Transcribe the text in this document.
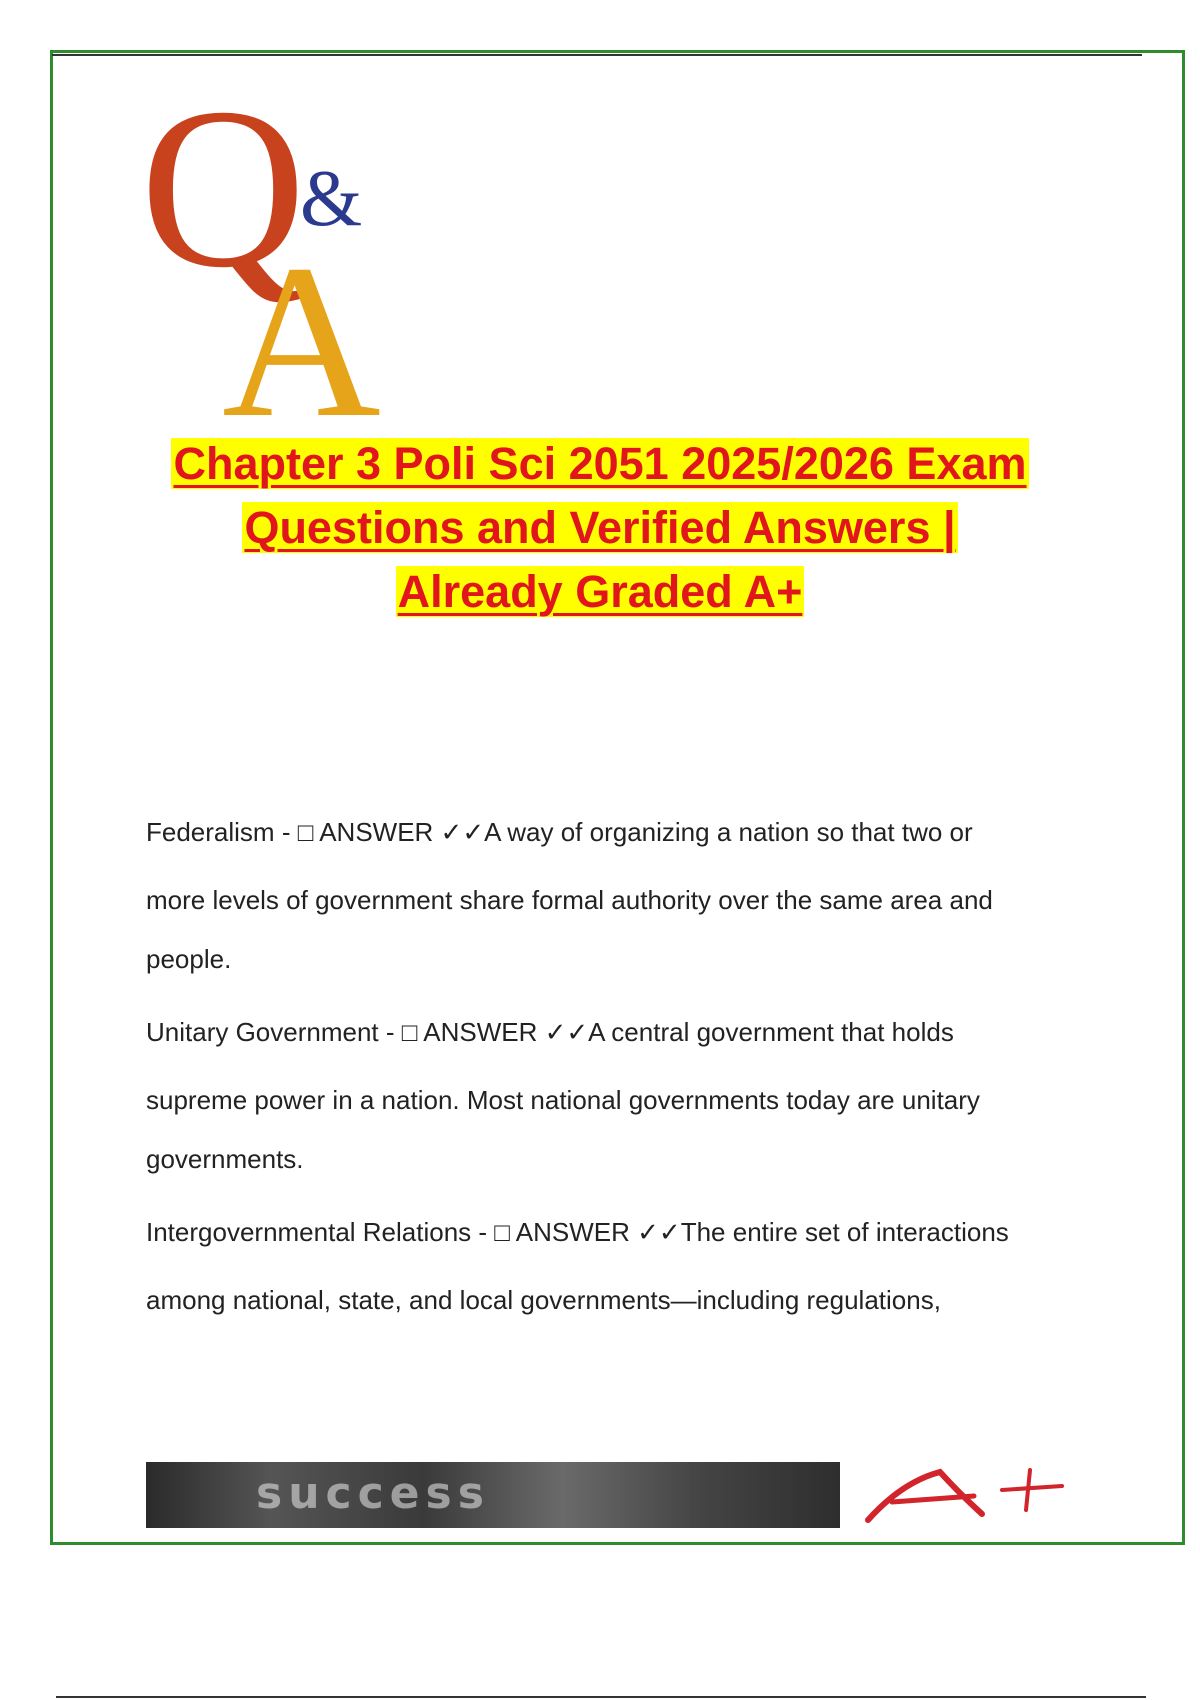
Q
&
A
Chapter 3 Poli Sci 2051 2025/2026 Exam
Questions and Verified Answers |
Already Graded A+
Federalism - □ ANSWER ✓✓A way of organizing a nation so that two or
more levels of government share formal authority over the same area and
people.
Unitary Government - □ ANSWER ✓✓A central government that holds
supreme power in a nation. Most national governments today are unitary
governments.
Intergovernmental Relations - □ ANSWER ✓✓The entire set of interactions
among national, state, and local governments—including regulations,
success
